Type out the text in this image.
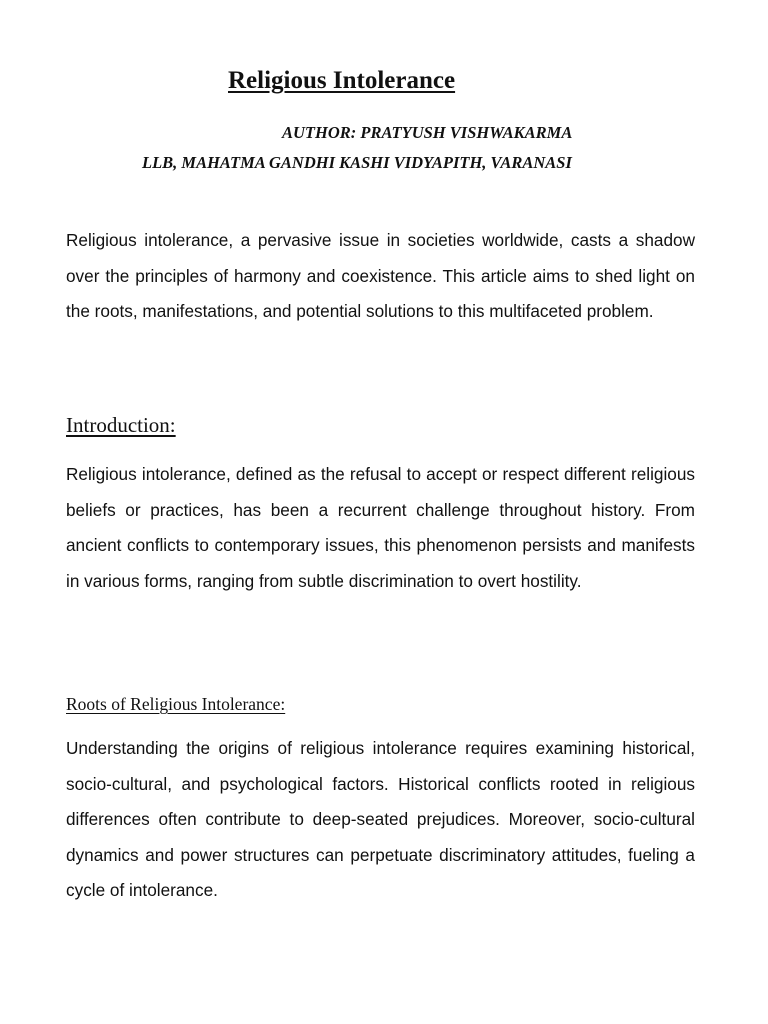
Religious Intolerance

AUTHOR: PRATYUSH VISHWAKARMA

LLB, MAHATMA GANDHI KASHI VIDYAPITH, VARANASI

Religious intolerance, a pervasive issue in societies worldwide, casts a shadow over the principles of harmony and coexistence. This article aims to shed light on the roots, manifestations, and potential solutions to this multifaceted problem.

Introduction:

Religious intolerance, defined as the refusal to accept or respect different religious beliefs or practices, has been a recurrent challenge throughout history. From ancient conflicts to contemporary issues, this phenomenon persists and manifests in various forms, ranging from subtle discrimination to overt hostility.

Roots of Religious Intolerance:

Understanding the origins of religious intolerance requires examining historical, socio-cultural, and psychological factors. Historical conflicts rooted in religious differences often contribute to deep-seated prejudices. Moreover, socio-cultural dynamics and power structures can perpetuate discriminatory attitudes, fueling a cycle of intolerance.
